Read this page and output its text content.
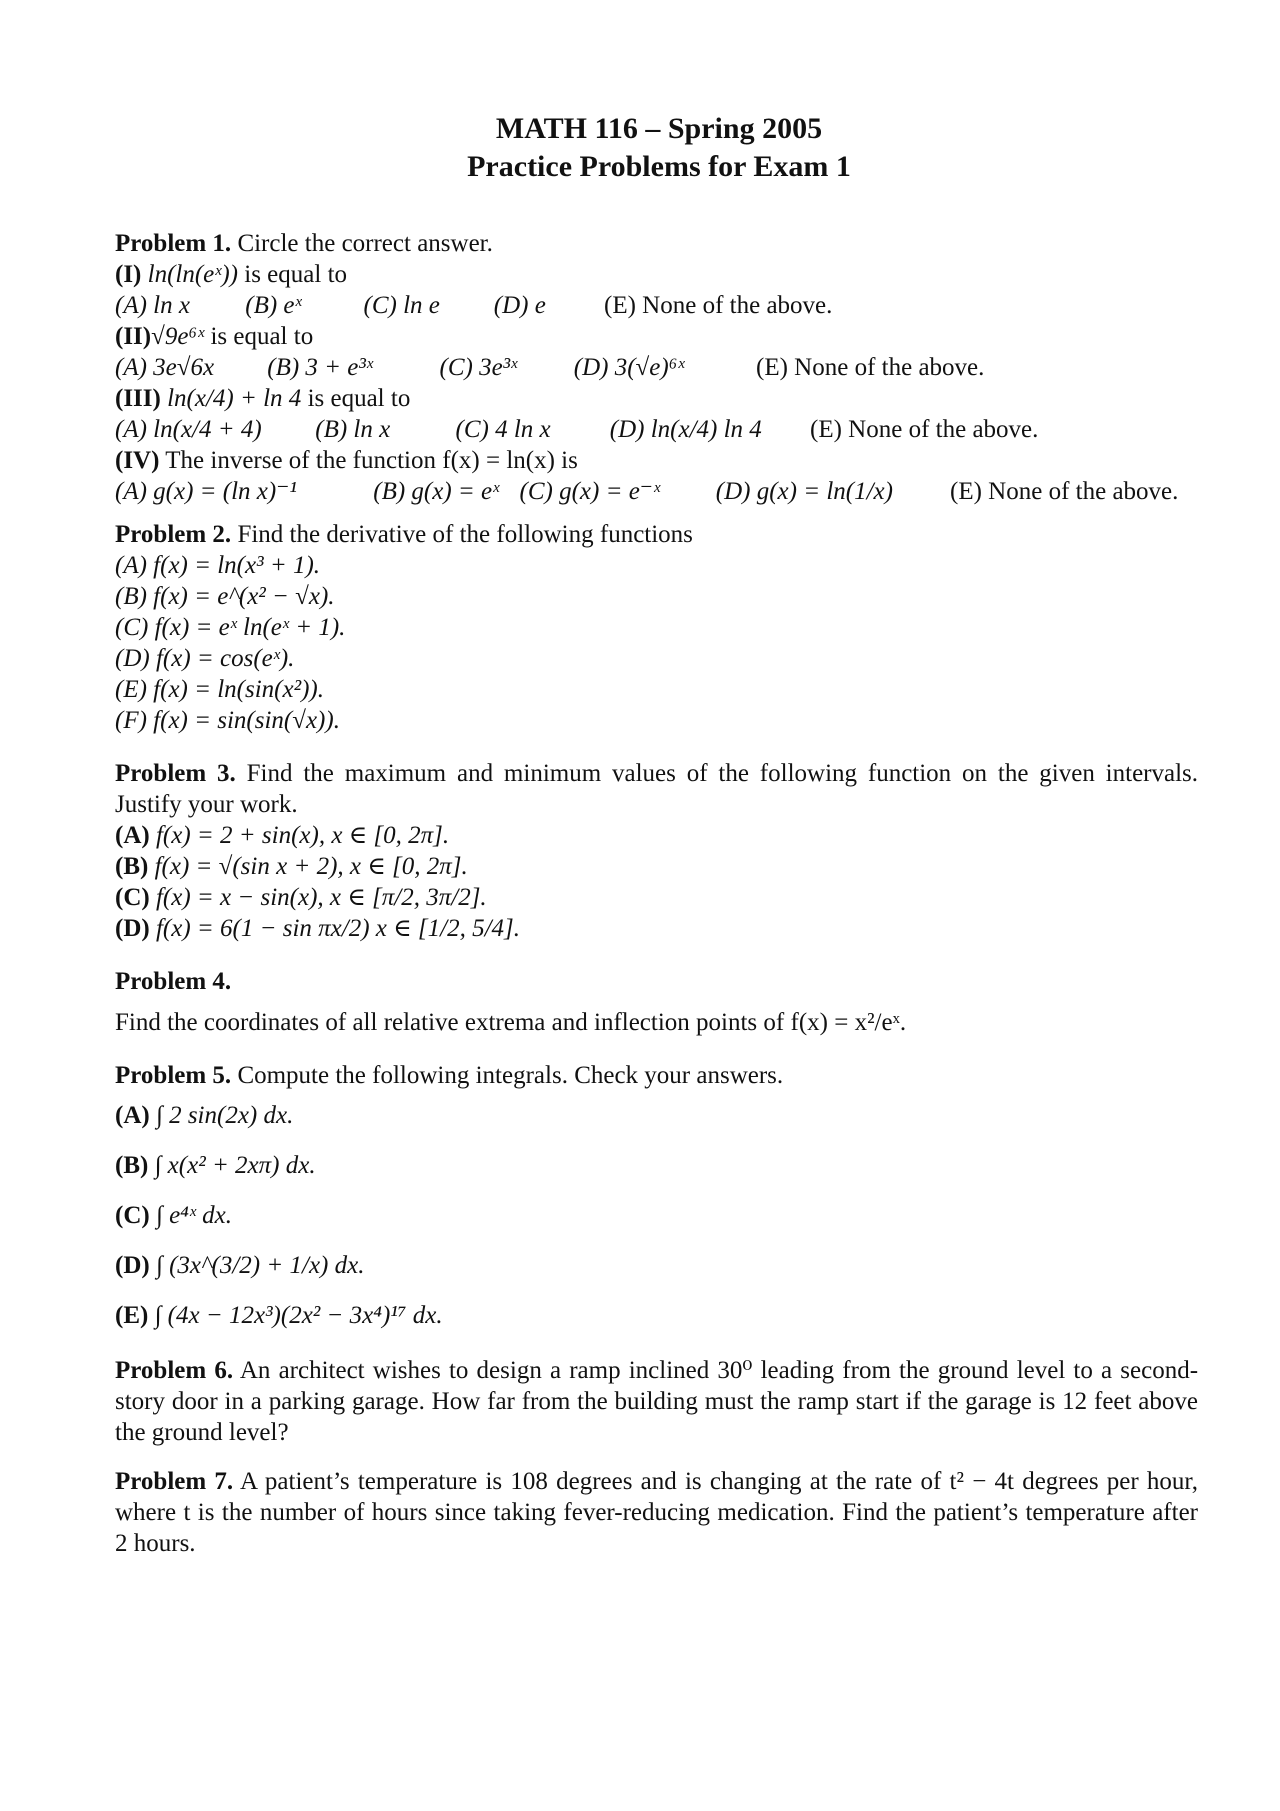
MATH 116 – Spring 2005
Practice Problems for Exam 1
Problem 1. Circle the correct answer.
(I) ln(ln(eˣ)) is equal to
(A) ln x (B) eˣ (C) ln e (D) e (E) None of the above.
(II)√9e⁶ˣ is equal to
(A) 3e√6x (B) 3 + e³ˣ	(C) 3e³ˣ (D) 3(√e)⁶ˣ	(E) None of the above.
(III) ln(x/4) + ln 4 is equal to
(A) ln(x/4 + 4) (B) ln x	(C) 4 ln x (D) ln(x/4) ln 4 (E) None of the above.
(IV) The inverse of the function f(x) = ln(x) is
(A) g(x) = (ln x)⁻¹	(B) g(x) = eˣ (C) g(x) = e⁻ˣ (D) g(x) = ln(1/x) (E) None of the above.
Problem 2. Find the derivative of the following functions
(A) f(x) = ln(x³ + 1).
(B) f(x) = e^(x² − √x).
(C) f(x) = eˣ ln(eˣ + 1).
(D) f(x) = cos(eˣ).
(E) f(x) = ln(sin(x²)).
(F) f(x) = sin(sin(√x)).
Problem 3. Find the maximum and minimum values of the following function on the given intervals. Justify your work.
(A) f(x) = 2 + sin(x), x ∈ [0, 2π].
(B) f(x) = √(sin x + 2), x ∈ [0, 2π].
(C) f(x) = x − sin(x), x ∈ [π/2, 3π/2].
(D) f(x) = 6(1 − sin πx/2) x ∈ [1/2, 5/4].
Problem 4.
Find the coordinates of all relative extrema and inflection points of f(x) = x²/eˣ.
Problem 5. Compute the following integrals. Check your answers.
(A) ∫ 2 sin(2x) dx.
(B) ∫ x(x² + 2xπ) dx.
(C) ∫ e⁴ˣ dx.
(D) ∫ (3x^(3/2) + 1/x) dx.
(E) ∫ (4x − 12x³)(2x² − 3x⁴)¹⁷ dx.
Problem 6. An architect wishes to design a ramp inclined 30⁰ leading from the ground level to a second-story door in a parking garage. How far from the building must the ramp start if the garage is 12 feet above the ground level?
Problem 7. A patient’s temperature is 108 degrees and is changing at the rate of t² − 4t degrees per hour, where t is the number of hours since taking fever-reducing medication. Find the patient’s temperature after 2 hours.
